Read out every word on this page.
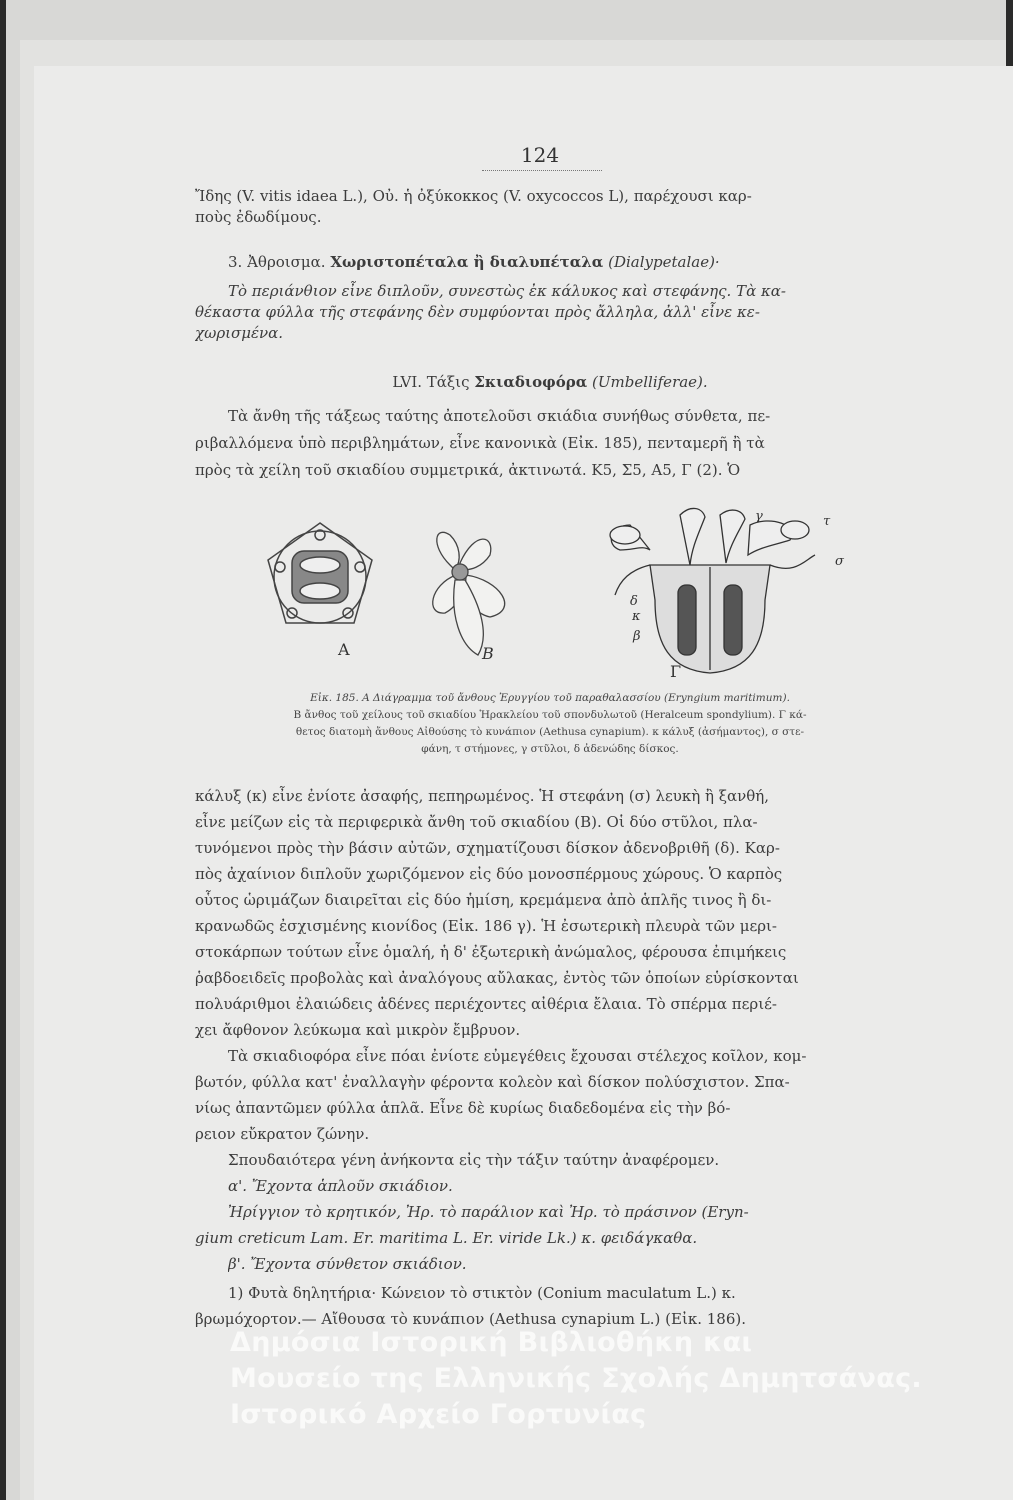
124
Ἴδης (V. vitis idaea L.), Οὐ. ἡ ὀξύκοκκος (V. oxycoccos L), παρέχουσι καρ-
ποὺς ἐδωδίμους.
3. Ἀθροισμα. Χωριστοπέταλα ἢ διαλυπέταλα (Dialypetalae)·
Τὸ περιάνθιον εἶνε διπλοῦν, συνεστὼς ἐκ κάλυκος καὶ στεφάνης. Τὰ κα-
θέκαστα φύλλα τῆς στεφάνης δὲν συμφύονται πρὸς ἄλληλα, ἀλλ' εἶνε κε-
χωρισμένα.
LVI. Τάξις Σκιαδιοφόρα (Umbelliferae).
Τὰ ἄνθη τῆς τάξεως ταύτης ἀποτελοῦσι σκιάδια συνήθως σύνθετα, πε-
ριβαλλόμενα ὑπὸ περιβλημάτων, εἶνε κανονικὰ (Εἰκ. 185), πενταμερῆ ἢ τὰ
πρὸς τὰ χείλη τοῦ σκιαδίου συμμετρικά, ἀκτινωτά. Κ5, Σ5, Α5, Γ (2). Ὁ
A	B
τ
σ
γ
δ
κ
β
Γ
Εἰκ. 185. Α Διάγραμμα τοῦ ἄνθους Ἐρυγγίου τοῦ παραθαλασσίου (Eryngium maritimum).
Β ἄνθος τοῦ χείλους τοῦ σκιαδίου Ἡρακλείου τοῦ σπονδυλωτοῦ (Heralceum spondylium). Γ κά-
θετος διατομὴ ἄνθους Αἰθούσης τὸ κυνάπιον (Aethusa cynapium). κ κάλυξ (ἀσήμαντος), σ στε-
φάνη, τ στήμονες, γ στῦλοι, δ ἀδενώδης δίσκος.
κάλυξ (κ) εἶνε ἐνίοτε ἀσαφής, πεπηρωμένος. Ἡ στεφάνη (σ) λευκὴ ἢ ξανθή,
εἶνε μείζων εἰς τὰ περιφερικὰ ἄνθη τοῦ σκιαδίου (Β). Οἱ δύο στῦλοι, πλα-
τυνόμενοι πρὸς τὴν βάσιν αὐτῶν, σχηματίζουσι δίσκον ἀδενοβριθῆ (δ). Καρ-
πὸς ἀχαίνιον διπλοῦν χωριζόμενον εἰς δύο μονοσπέρμους χώρους. Ὁ καρπὸς
οὗτος ὡριμάζων διαιρεῖται εἰς δύο ἡμίση, κρεμάμενα ἀπὸ ἁπλῆς τινος ἢ δι-
κρανωδῶς ἐσχισμένης κιονίδος (Εἰκ. 186 γ). Ἡ ἐσωτερικὴ πλευρὰ τῶν μερι-
στοκάρπων τούτων εἶνε ὁμαλή, ἡ δ' ἐξωτερικὴ ἀνώμαλος, φέρουσα ἐπιμήκεις
ῥαβδοειδεῖς προβολὰς καὶ ἀναλόγους αὔλακας, ἐντὸς τῶν ὁποίων εὑρίσκονται
πολυάριθμοι ἐλαιώδεις ἀδένες περιέχοντες αἰθέρια ἔλαια. Τὸ σπέρμα περιέ-
χει ἄφθονον λεύκωμα καὶ μικρὸν ἔμβρυον.
Τὰ σκιαδιοφόρα εἶνε πόαι ἐνίοτε εὐμεγέθεις ἔχουσαι στέλεχος κοῖλον, κομ-
βωτόν, φύλλα κατ' ἐναλλαγὴν φέροντα κολεὸν καὶ δίσκον πολύσχιστον. Σπα-
νίως ἀπαντῶμεν φύλλα ἁπλᾶ. Εἶνε δὲ κυρίως διαδεδομένα εἰς τὴν βό-
ρειον εὔκρατον ζώνην.
Σπουδαιότερα γένη ἀνήκοντα εἰς τὴν τάξιν ταύτην ἀναφέρομεν.
α'. Ἔχοντα ἁπλοῦν σκιάδιον.
Ἠρίγγιον τὸ κρητικόν, Ἠρ. τὸ παράλιον καὶ Ἠρ. τὸ πράσινον (Eryn-
gium creticum Lam. Er. maritima L. Er. viride Lk.) κ. φειδάγκαθα.
β'. Ἔχοντα σύνθετον σκιάδιον.
1) Φυτὰ δηλητήρια· Κώνειον τὸ στικτὸν (Conium maculatum L.) κ.
βρωμόχορτον.— Αἴθουσα τὸ κυνάπιον (Aethusa cynapium L.) (Εἰκ. 186).
Δημόσια Ιστορική Βιβλιοθήκη και
Μουσείο της Ελληνικής Σχολής Δημητσάνας.
Ιστορικό Αρχείο Γορτυνίας
